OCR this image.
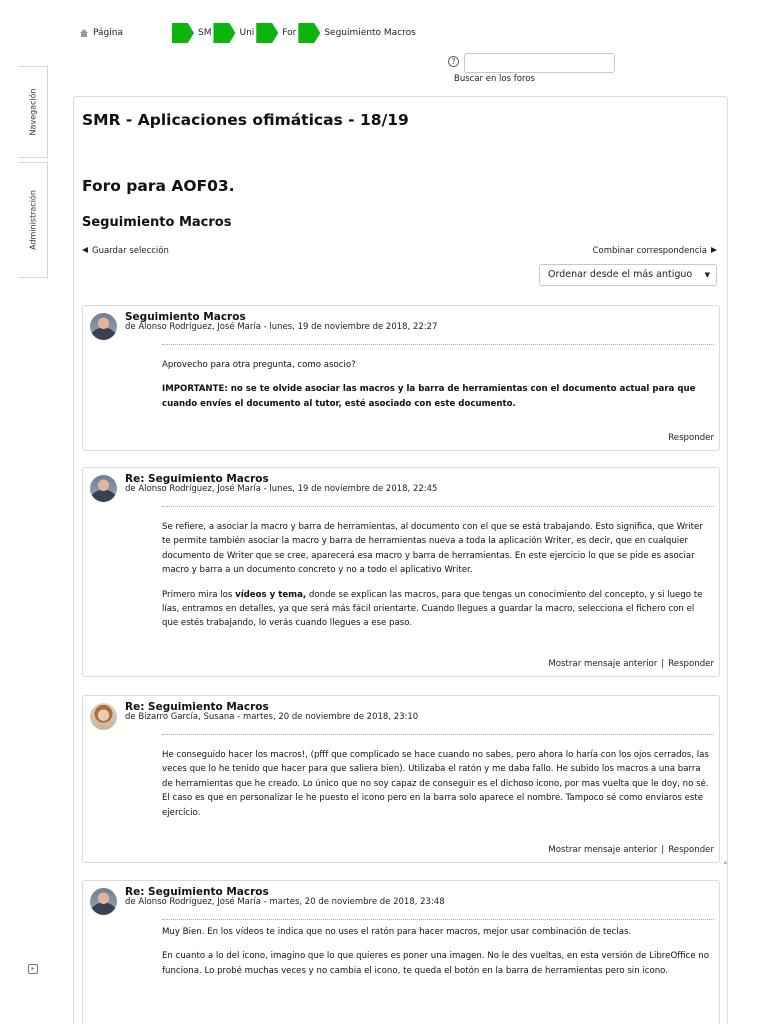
Navegación
Administración
▸
Página	SM	Uni	For	Seguimiento Macros
?
Buscar en los foros
SMR - Aplicaciones ofimáticas - 18/19
Foro para AOF03.
Seguimiento Macros
Guardar selección	Combinar correspondencia
Ordenar desde el más antiguo ▼
Seguimiento Macros
de Alonso Rodríguez, José María - lunes, 19 de noviembre de 2018, 22:27

Aprovecho para otra pregunta, como asocio?

IMPORTANTE: no se te olvide asociar las macros y la barra de herramientas con el documento actual para que cuando envíes el documento al tutor, esté asociado con este documento.

Responder
Re: Seguimiento Macros
de Alonso Rodríguez, José María - lunes, 19 de noviembre de 2018, 22:45

Se refiere, a asociar la macro y barra de herramientas, al documento con el que se está trabajando. Esto significa, que Writer te permite también asociar la macro y barra de herramientas nueva a toda la aplicación Writer, es decir, que en cualquier documento de Writer que se cree, aparecerá esa macro y barra de herramientas. En este ejercicio lo que se pide es asociar macro y barra a un documento concreto y no a todo el aplicativo Writer.

Primero mira los vídeos y tema, donde se explican las macros, para que tengas un conocimiento del concepto, y si luego te lías, entramos en detalles, ya que será más fácil orientarte. Cuando llegues a guardar la macro, selecciona el fichero con el que estés trabajando, lo verás cuando llegues a ese paso.

Mostrar mensaje anterior | Responder
Re: Seguimiento Macros
de Bizarro García, Susana - martes, 20 de noviembre de 2018, 23:10

He conseguido hacer los macros!, (pfff que complicado se hace cuando no sabes, pero ahora lo haría con los ojos cerrados, las veces que lo he tenido que hacer para que saliera bien). Utilizaba el ratón y me daba fallo. He subido los macros a una barra de herramientas que he creado. Lo único que no soy capaz de conseguir es el dichoso icono, por mas vuelta que le doy, no sé. El caso es que en personalizar le he puesto el icono pero en la barra solo aparece el nombre. Tampoco sé como enviaros este ejercício.

Mostrar mensaje anterior | Responder
Re: Seguimiento Macros
de Alonso Rodríguez, José María - martes, 20 de noviembre de 2018, 23:48

Muy Bien. En los vídeos te indica que no uses el ratón para hacer macros, mejor usar combinación de teclas.

En cuanto a lo del icono, imagino que lo que quieres es poner una imagen. No le des vueltas, en esta versión de LibreOffice no funciona. Lo probé muchas veces y no cambia el icono, te queda el botón en la barra de herramientas pero sin icono.

˄
